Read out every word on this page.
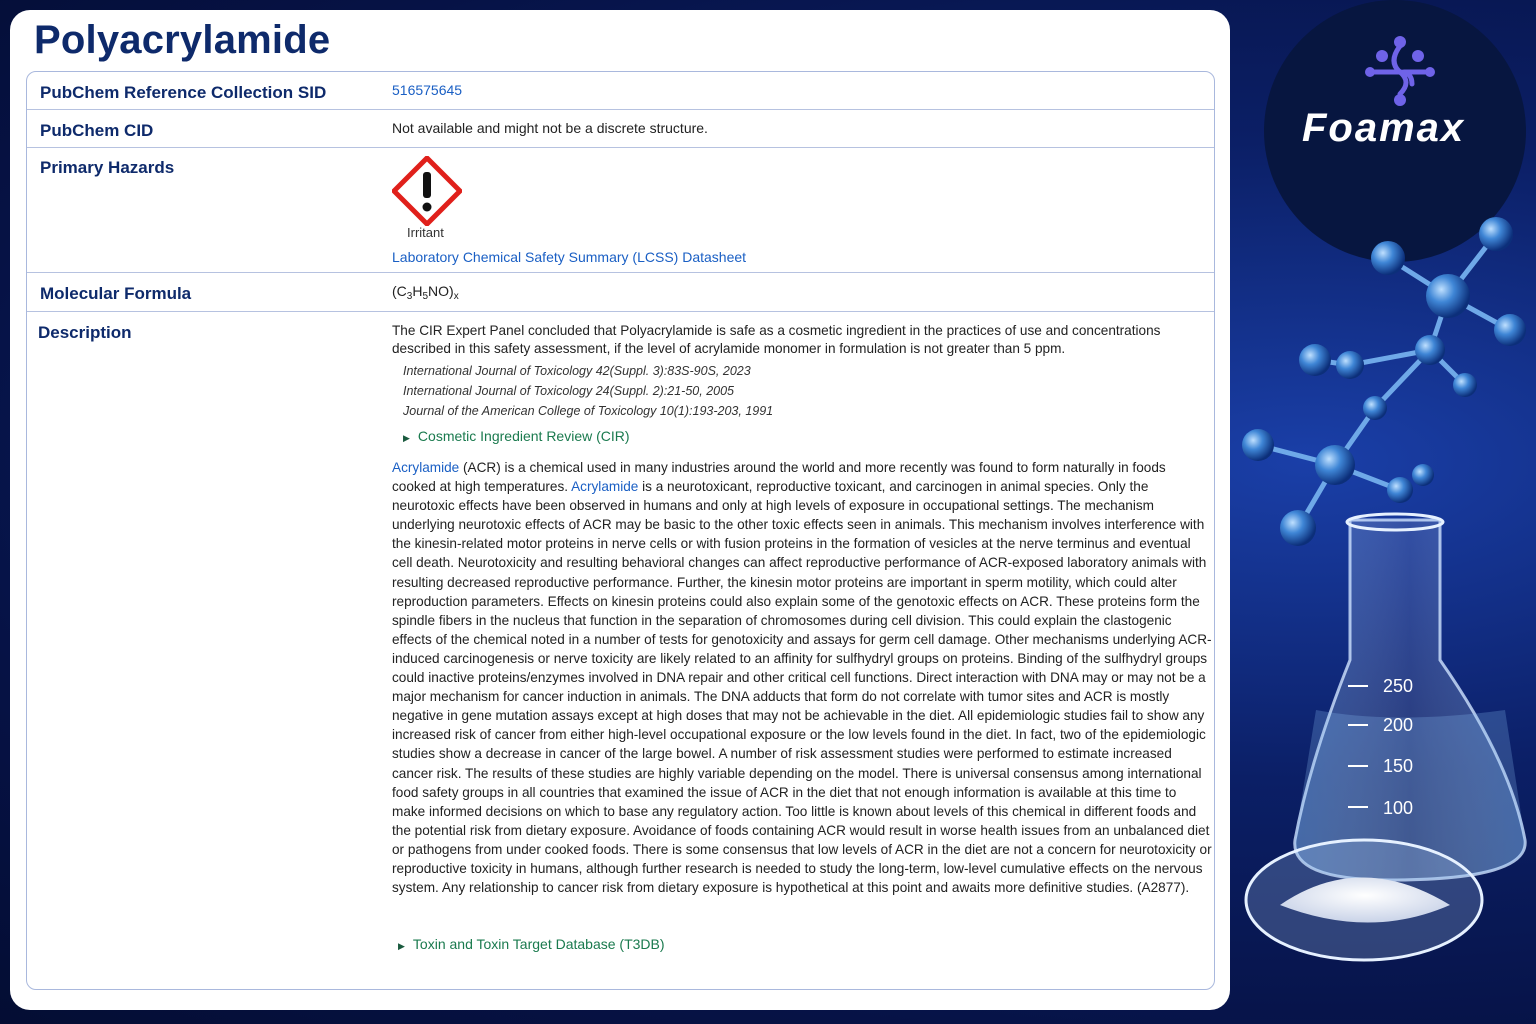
Polyacrylamide
PubChem Reference Collection SID	516575645
PubChem CID	Not available and might not be a discrete structure.
Primary Hazards
Irritant
Laboratory Chemical Safety Summary (LCSS) Datasheet
Molecular Formula	$(C_3H_5NO)_x$
Description	The CIR Expert Panel concluded that Polyacrylamide is safe as a cosmetic ingredient in the practices of use and concentrations described in this safety assessment, if the level of acrylamide monomer in formulation is not greater than 5 ppm.
International Journal of Toxicology 42(Suppl. 3):83S-90S, 2023
International Journal of Toxicology 24(Suppl. 2):21-50, 2005
Journal of the American College of Toxicology 10(1):193-203, 1991
▶ Cosmetic Ingredient Review (CIR)
Acrylamide (ACR) is a chemical used in many industries around the world and more recently was found to form naturally in foods cooked at high temperatures. Acrylamide is a neurotoxicant, reproductive toxicant, and carcinogen in animal species. Only the neurotoxic effects have been observed in humans and only at high levels of exposure in occupational settings. The mechanism underlying neurotoxic effects of ACR may be basic to the other toxic effects seen in animals. This mechanism involves interference with the kinesin-related motor proteins in nerve cells or with fusion proteins in the formation of vesicles at the nerve terminus and eventual cell death. Neurotoxicity and resulting behavioral changes can affect reproductive performance of ACR-exposed laboratory animals with resulting decreased reproductive performance. Further, the kinesin motor proteins are important in sperm motility, which could alter reproduction parameters. Effects on kinesin proteins could also explain some of the genotoxic effects on ACR. These proteins form the spindle fibers in the nucleus that function in the separation of chromosomes during cell division. This could explain the clastogenic effects of the chemical noted in a number of tests for genotoxicity and assays for germ cell damage. Other mechanisms underlying ACR-induced carcinogenesis or nerve toxicity are likely related to an affinity for sulfhydryl groups on proteins. Binding of the sulfhydryl groups could inactive proteins/enzymes involved in DNA repair and other critical cell functions. Direct interaction with DNA may or may not be a major mechanism for cancer induction in animals. The DNA adducts that form do not correlate with tumor sites and ACR is mostly negative in gene mutation assays except at high doses that may not be achievable in the diet. All epidemiologic studies fail to show any increased risk of cancer from either high-level occupational exposure or the low levels found in the diet. In fact, two of the epidemiologic studies show a decrease in cancer of the large bowel. A number of risk assessment studies were performed to estimate increased cancer risk. The results of these studies are highly variable depending on the model. There is universal consensus among international food safety groups in all countries that examined the issue of ACR in the diet that not enough information is available at this time to make informed decisions on which to base any regulatory action. Too little is known about levels of this chemical in different foods and the potential risk from dietary exposure. Avoidance of foods containing ACR would result in worse health issues from an unbalanced diet or pathogens from under cooked foods. There is some consensus that low levels of ACR in the diet are not a concern for neurotoxicity or reproductive toxicity in humans, although further research is needed to study the long-term, low-level cumulative effects on the nervous system. Any relationship to cancer risk from dietary exposure is hypothetical at this point and awaits more definitive studies. (A2877).
▶ Toxin and Toxin Target Database (T3DB)
Foamax
250
200
150
100
